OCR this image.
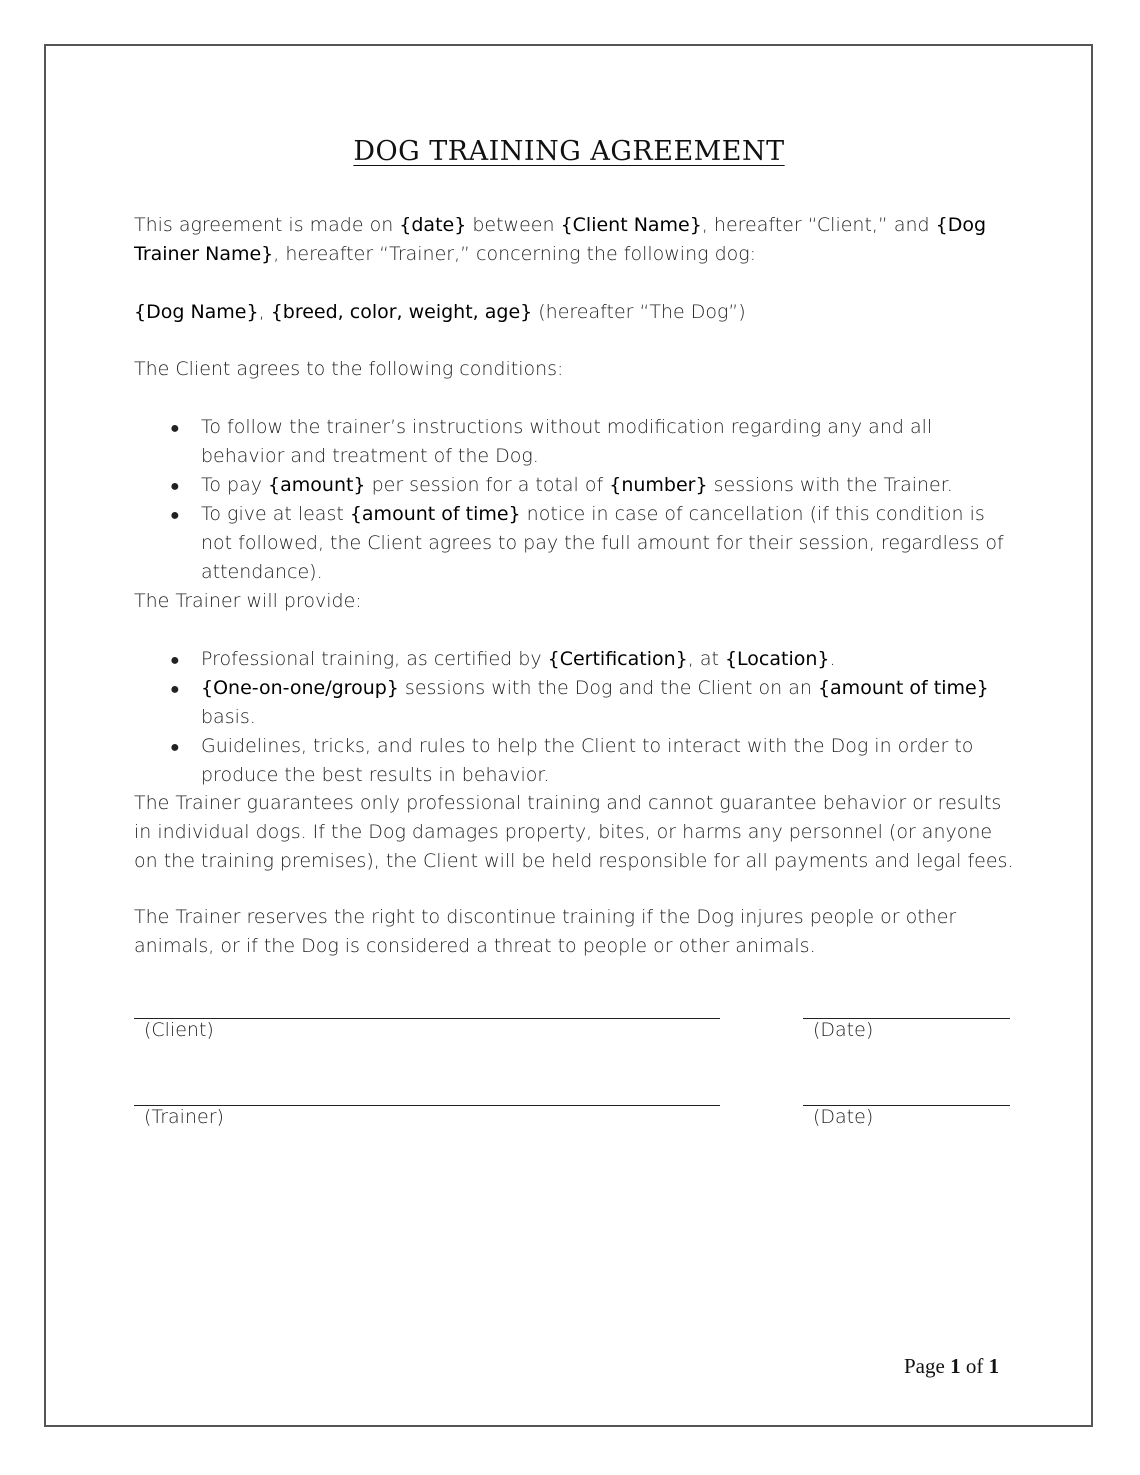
DOG TRAINING AGREEMENT

This agreement is made on {date} between {Client Name}, hereafter “Client,” and {Dog Trainer Name}, hereafter “Trainer,” concerning the following dog:

{Dog Name}, {breed, color, weight, age} (hereafter “The Dog”)

The Client agrees to the following conditions:

● To follow the trainer’s instructions without modification regarding any and all behavior and treatment of the Dog.
● To pay {amount} per session for a total of {number} sessions with the Trainer.
● To give at least {amount of time} notice in case of cancellation (if this condition is not followed, the Client agrees to pay the full amount for their session, regardless of attendance).

The Trainer will provide:

● Professional training, as certified by {Certification}, at {Location}.
● {One-on-one/group} sessions with the Dog and the Client on an {amount of time} basis.
● Guidelines, tricks, and rules to help the Client to interact with the Dog in order to produce the best results in behavior.

The Trainer guarantees only professional training and cannot guarantee behavior or results in individual dogs. If the Dog damages property, bites, or harms any personnel (or anyone on the training premises), the Client will be held responsible for all payments and legal fees.

The Trainer reserves the right to discontinue training if the Dog injures people or other animals, or if the Dog is considered a threat to people or other animals.

(Client)	(Date)
(Trainer)	(Date)
Page 1 of 1
